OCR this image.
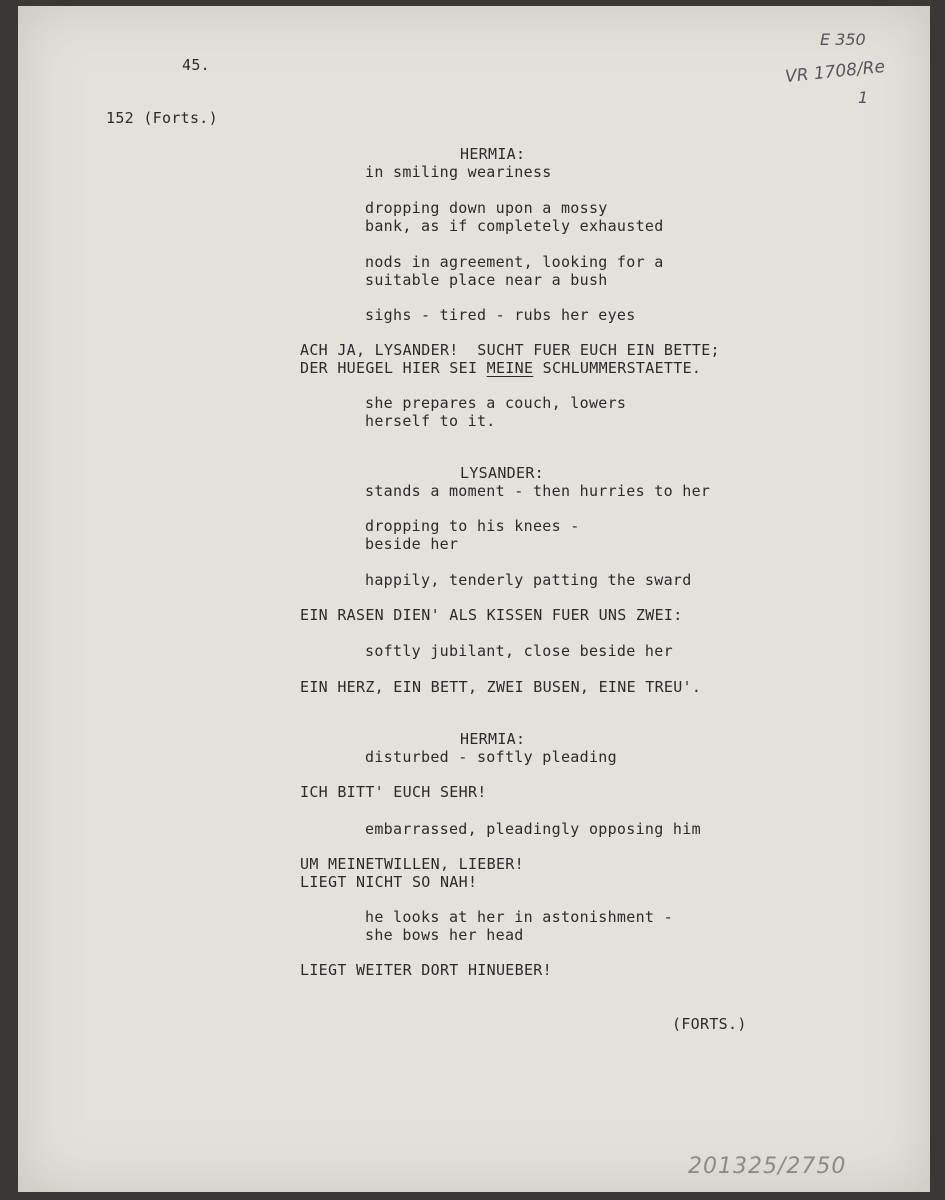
45.
152 (Forts.)
E 350
VR 1708/Re
1
201325/2750
HERMIA:
in smiling weariness
dropping down upon a mossy
bank, as if completely exhausted
nods in agreement, looking for a
suitable place near a bush
sighs - tired - rubs her eyes
ACH JA, LYSANDER!  SUCHT FUER EUCH EIN BETTE;
DER HUEGEL HIER SEI MEINE SCHLUMMERSTAETTE.
she prepares a couch, lowers
herself to it.
LYSANDER:
stands a moment - then hurries to her
dropping to his knees -
beside her
happily, tenderly patting the sward
EIN RASEN DIEN' ALS KISSEN FUER UNS ZWEI:
softly jubilant, close beside her
EIN HERZ, EIN BETT, ZWEI BUSEN, EINE TREU'.
HERMIA:
disturbed - softly pleading
ICH BITT' EUCH SEHR!
embarrassed, pleadingly opposing him
UM MEINETWILLEN, LIEBER!
LIEGT NICHT SO NAH!
he looks at her in astonishment -
she bows her head
LIEGT WEITER DORT HINUEBER!
(FORTS.)
